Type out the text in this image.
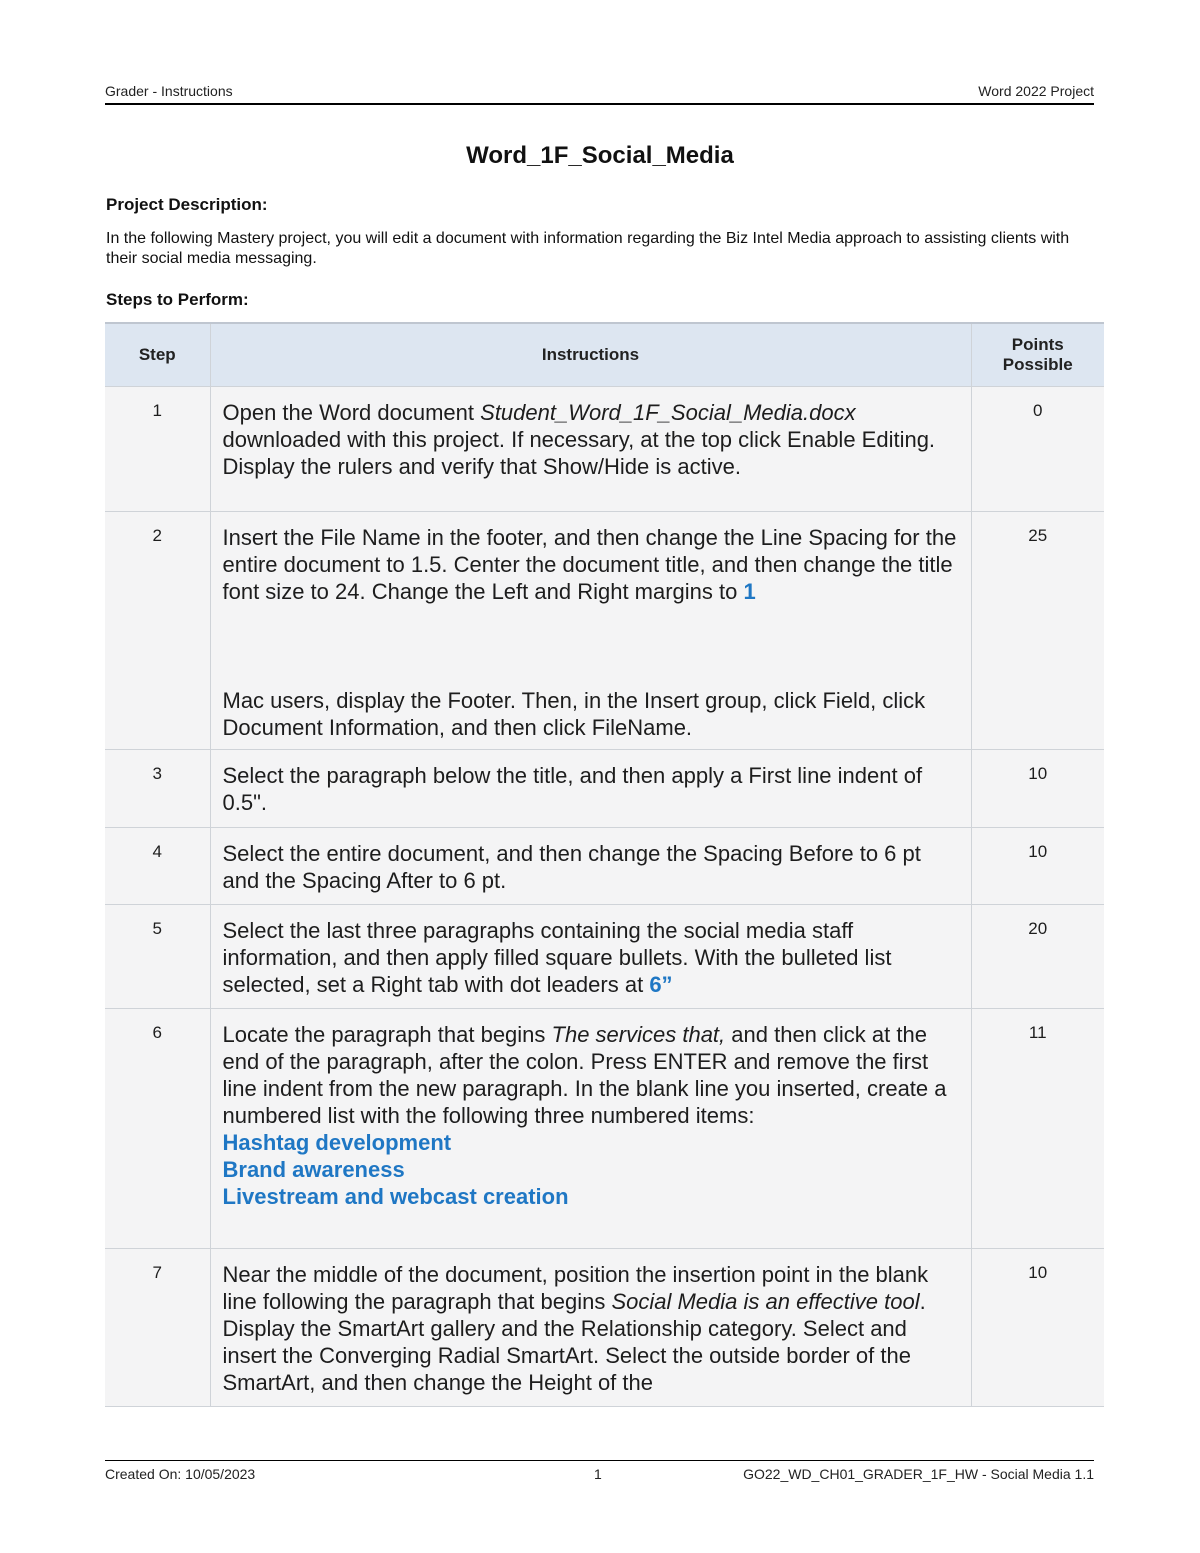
Grader - Instructions	Word 2022 Project
Word_1F_Social_Media
Project Description:
In the following Mastery project, you will edit a document with information regarding the Biz Intel Media approach to assisting clients with their social media messaging.
Steps to Perform:
Step	Instructions	Points Possible
1	Open the Word document Student_Word_1F_Social_Media.docx downloaded with this project. If necessary, at the top click Enable Editing. Display the rulers and verify that Show/Hide is active.	0
2	Insert the File Name in the footer, and then change the Line Spacing for the entire document to 1.5. Center the document title, and then change the title font size to 24. Change the Left and Right margins to 1
Mac users, display the Footer. Then, in the Insert group, click Field, click Document Information, and then click FileName.	25
3	Select the paragraph below the title, and then apply a First line indent of 0.5".	10
4	Select the entire document, and then change the Spacing Before to 6 pt and the Spacing After to 6 pt.	10
5	Select the last three paragraphs containing the social media staff information, and then apply filled square bullets. With the bulleted list selected, set a Right tab with dot leaders at 6”	20
6	Locate the paragraph that begins The services that, and then click at the end of the paragraph, after the colon. Press ENTER and remove the first line indent from the new paragraph. In the blank line you inserted, create a numbered list with the following three numbered items:
Hashtag development
Brand awareness
Livestream and webcast creation	11
7	Near the middle of the document, position the insertion point in the blank line following the paragraph that begins Social Media is an effective tool. Display the SmartArt gallery and the Relationship category. Select and insert the Converging Radial SmartArt. Select the outside border of the SmartArt, and then change the Height of the	10
Created On: 10/05/2023	1	GO22_WD_CH01_GRADER_1F_HW - Social Media 1.1
